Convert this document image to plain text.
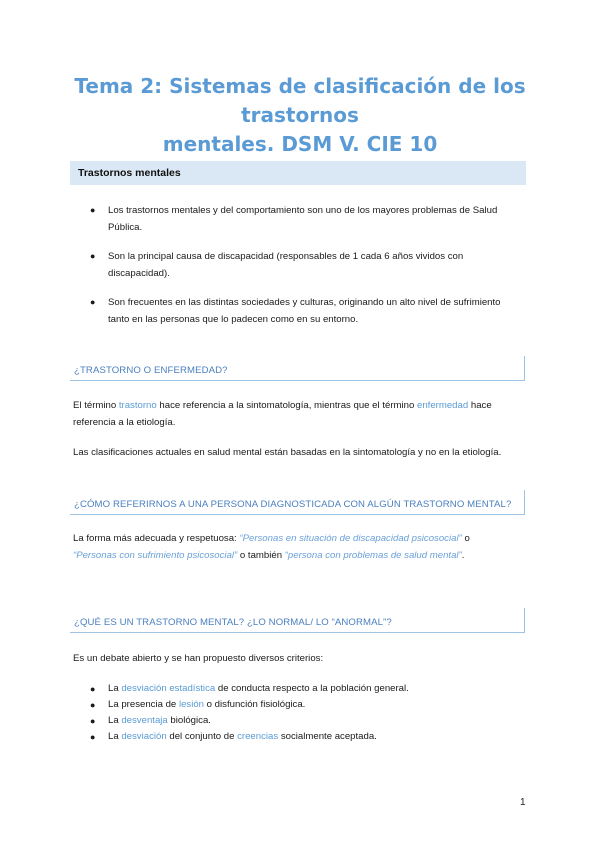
Tema 2: Sistemas de clasificación de los trastornos
mentales. DSM V. CIE 10
Trastornos mentales
● Los trastornos mentales y del comportamiento son uno de los mayores problemas de Salud
Pública.
● Son la principal causa de discapacidad (responsables de 1 cada 6 años vividos con
discapacidad).
● Son frecuentes en las distintas sociedades y culturas, originando un alto nivel de sufrimiento
tanto en las personas que lo padecen como en su entorno.
¿TRASTORNO O ENFERMEDAD?
El término trastorno hace referencia a la sintomatología, mientras que el término enfermedad hace
referencia a la etiología.
Las clasificaciones actuales en salud mental están basadas en la sintomatología y no en la etiología.
¿CÓMO REFERIRNOS A UNA PERSONA DIAGNOSTICADA CON ALGÚN TRASTORNO MENTAL?
La forma más adecuada y respetuosa: “Personas en situación de discapacidad psicosocial” o
“Personas con sufrimiento psicosocial” o también “persona con problemas de salud mental”.
¿QUÉ ES UN TRASTORNO MENTAL? ¿LO NORMAL/ LO “ANORMAL”?
Es un debate abierto y se han propuesto diversos criterios:
● La desviación estadística de conducta respecto a la población general.
● La presencia de lesión o disfunción fisiológica.
● La desventaja biológica.
● La desviación del conjunto de creencias socialmente aceptada.
1
